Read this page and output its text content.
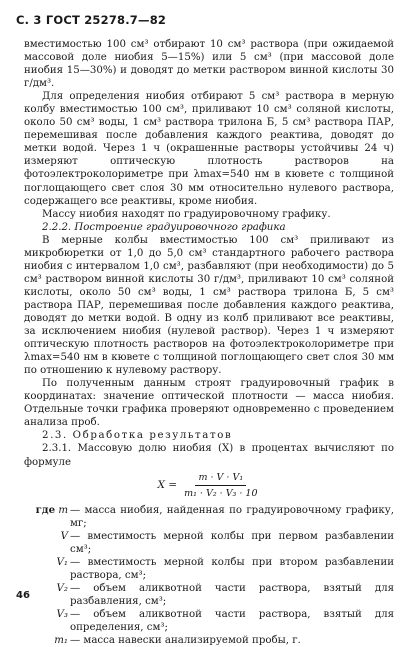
С. 3 ГОСТ 25278.7—82

вместимостью 100 см³ отбирают 10 см³ раствора (при ожидаемой массовой доле ниобия 5—15%) или 5 см³ (при массовой доле ниобия 15—30%) и доводят до метки раствором винной кислоты 30 г/дм³.

Для определения ниобия отбирают 5 см³ раствора в мерную колбу вместимостью 100 см³, приливают 10 см³ соляной кислоты, около 50 см³ воды, 1 см³ раствора трилона Б, 5 см³ раствора ПАР, перемешивая после добавления каждого реактива, доводят до метки водой. Через 1 ч (окрашенные растворы устойчивы 24 ч) измеряют оптическую плотность растворов на фотоэлектроколориметре при λmax=540 нм в кювете с толщиной поглощающего свет слоя 30 мм относительно нулевого раствора, содержащего все реактивы, кроме ниобия.

Массу ниобия находят по градуировочному графику.

2.2.2. Построение градуировочного графика

В мерные колбы вместимостью 100 см³ приливают из микробюретки от 1,0 до 5,0 см³ стандартного рабочего раствора ниобия с интервалом 1,0 см³, разбавляют (при необходимости) до 5 см³ раствором винной кислоты 30 г/дм³, приливают 10 см³ соляной кислоты, около 50 см³ воды, 1 см³ раствора трилона Б, 5 см³ раствора ПАР, перемешивая после добавления каждого реактива, доводят до метки водой. В одну из колб приливают все реактивы, за исключением ниобия (нулевой раствор). Через 1 ч измеряют оптическую плотность растворов на фотоэлектроколориметре при λmax=540 нм в кювете с толщиной поглощающего свет слоя 30 мм по отношению к нулевому раствору.

По полученным данным строят градуировочный график в координатах: значение оптической плотности — масса ниобия. Отдельные точки графика проверяют одновременно с проведением анализа проб.

2.3. Обработка результатов

2.3.1. Массовую долю ниобия (X) в процентах вычисляют по формуле

$X = \frac{\text{m · V · V₁}}{\text{m₁ · V₂ · V₃ · 10}}$
где m — масса ниобия, найденная по градуировочному графику, мг;
V — вместимость мерной колбы при первом разбавлении см³;
V₁ — вместимость мерной колбы при втором разбавлении раствора, см³;
V₂ — объем аликвотной части раствора, взятый для разбавления, см³;
V₃ — объем аликвотной части раствора, взятый для определения, см³;
m₁ — масса навески анализируемой пробы, г.
46
